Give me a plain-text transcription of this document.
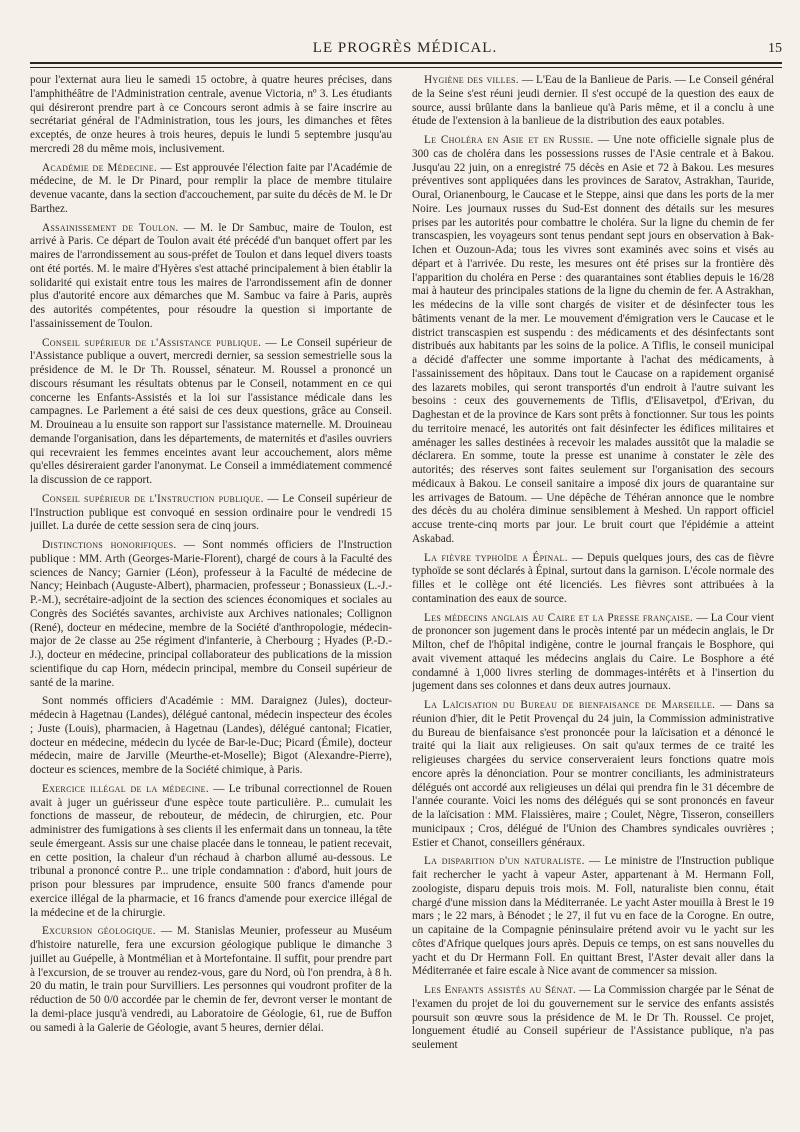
LE PROGRÈS MÉDICAL.	15

pour l'externat aura lieu le samedi 15 octobre, à quatre heures précises, dans l'amphithéâtre de l'Administration centrale, avenue Victoria, nº 3. Les étudiants qui désireront prendre part à ce Concours seront admis à se faire inscrire au secrétariat général de l'Administration, tous les jours, les dimanches et fêtes exceptés, de onze heures à trois heures, depuis le lundi 5 septembre jusqu'au mercredi 28 du même mois, inclusivement.

Académie de Médecine. — Est approuvée l'élection faite par l'Académie de médecine, de M. le Dr Pinard, pour remplir la place de membre titulaire devenue vacante, dans la section d'accouchement, par suite du décès de M. le Dr Barthez.

Assainissement de Toulon. — M. le Dr Sambuc, maire de Toulon, est arrivé à Paris. Ce départ de Toulon avait été précédé d'un banquet offert par les maires de l'arrondissement au sous-préfet de Toulon et dans lequel divers toasts ont été portés. M. le maire d'Hyères s'est attaché principalement à bien établir la solidarité qui existait entre tous les maires de l'arrondissement afin de donner plus d'autorité encore aux démarches que M. Sambuc va faire à Paris, auprès des autorités compétentes, pour résoudre la question si importante de l'assainissement de Toulon.

Conseil supérieur de l'Assistance publique. — Le Conseil supérieur de l'Assistance publique a ouvert, mercredi dernier, sa session semestrielle sous la présidence de M. le Dr Th. Roussel, sénateur. M. Roussel a prononcé un discours résumant les résultats obtenus par le Conseil, notamment en ce qui concerne les Enfants-Assistés et la loi sur l'assistance médicale dans les campagnes. Le Parlement a été saisi de ces deux questions, grâce au Conseil. M. Drouineau a lu ensuite son rapport sur l'assistance maternelle. M. Drouineau demande l'organisation, dans les départements, de maternités et d'asiles ouvriers qui recevraient les femmes enceintes avant leur accouchement, alors même qu'elles désireraient garder l'anonymat. Le Conseil a immédiatement commencé la discussion de ce rapport.

Conseil supérieur de l'Instruction publique. — Le Conseil supérieur de l'Instruction publique est convoqué en session ordinaire pour le vendredi 15 juillet. La durée de cette session sera de cinq jours.

Distinctions honorifiques. — Sont nommés officiers de l'Instruction publique : MM. Arth (Georges-Marie-Florent), chargé de cours à la Faculté des sciences de Nancy; Garnier (Léon), professeur à la Faculté de médecine de Nancy; Heinbach (Auguste-Albert), pharmacien, professeur ; Bonassieux (L.-J.-P.-M.), secrétaire-adjoint de la section des sciences économiques et sociales au Congrès des Sociétés savantes, archiviste aux Archives nationales; Collignon (René), docteur en médecine, membre de la Société d'anthropologie, médecin-major de 2e classe au 25e régiment d'infanterie, à Cherbourg ; Hyades (P.-D.-J.), docteur en médecine, principal collaborateur des publications de la mission scientifique du cap Horn, médecin principal, membre du Conseil supérieur de santé de la marine.

Sont nommés officiers d'Académie : MM. Daraignez (Jules), docteur-médecin à Hagetnau (Landes), délégué cantonal, médecin inspecteur des écoles ; Juste (Louis), pharmacien, à Hagetnau (Landes), délégué cantonal; Ficatier, docteur en médecine, médecin du lycée de Bar-le-Duc; Picard (Émile), docteur médecin, maire de Jarville (Meurthe-et-Moselle); Bigot (Alexandre-Pierre), docteur es sciences, membre de la Société chimique, à Paris.

Exercice illégal de la médecine. — Le tribunal correctionnel de Rouen avait à juger un guérisseur d'une espèce toute particulière. P... cumulait les fonctions de masseur, de rebouteur, de médecin, de chirurgien, etc. Pour administrer des fumigations à ses clients il les enfermait dans un tonneau, la tête seule émergeant. Assis sur une chaise placée dans le tonneau, le patient recevait, en cette position, la chaleur d'un réchaud à charbon allumé au-dessous. Le tribunal a prononcé contre P... une triple condamnation : d'abord, huit jours de prison pour blessures par imprudence, ensuite 500 francs d'amende pour exercice illégal de la pharmacie, et 16 francs d'amende pour exercice illégal de la médecine et de la chirurgie.

Excursion géologique. — M. Stanislas Meunier, professeur au Muséum d'histoire naturelle, fera une excursion géologique publique le dimanche 3 juillet au Guépelle, à Montmélian et à Mortefontaine. Il suffit, pour prendre part à l'excursion, de se trouver au rendez-vous, gare du Nord, où l'on prendra, à 8 h. 20 du matin, le train pour Survilliers. Les personnes qui voudront profiter de la réduction de 50 0/0 accordée par le chemin de fer, devront verser le montant de la demi-place jusqu'à vendredi, au Laboratoire de Géologie, 61, rue de Buffon ou samedi à la Galerie de Géologie, avant 5 heures, dernier délai.

Hygiène des villes. — L'Eau de la Banlieue de Paris. — Le Conseil général de la Seine s'est réuni jeudi dernier. Il s'est occupé de la question des eaux de source, aussi brûlante dans la banlieue qu'à Paris même, et il a conclu à une étude de l'extension à la banlieue de la distribution des eaux potables.

Le Choléra en Asie et en Russie. — Une note officielle signale plus de 300 cas de choléra dans les possessions russes de l'Asie centrale et à Bakou. Jusqu'au 22 juin, on a enregistré 75 décès en Asie et 72 à Bakou. Les mesures préventives sont appliquées dans les provinces de Saratov, Astrakhan, Tauride, Oural, Orianenbourg, le Caucase et le Steppe, ainsi que dans les ports de la mer Noire. Les journaux russes du Sud-Est donnent des détails sur les mesures prises par les autorités pour combattre le choléra. Sur la ligne du chemin de fer transcaspien, les voyageurs sont tenus pendant sept jours en observation à Bak-Ichen et Ouzoun-Ada; tous les vivres sont examinés avec soins et visés au départ et à l'arrivée. Du reste, les mesures ont été prises sur la frontière dès l'apparition du choléra en Perse : des quarantaines sont établies depuis le 16/28 mai à hauteur des principales stations de la ligne du chemin de fer. A Astrakhan, les médecins de la ville sont chargés de visiter et de désinfecter tous les bâtiments venant de la mer. Le mouvement d'émigration vers le Caucase et le district transcaspien est suspendu : des médicaments et des désinfectants sont distribués aux habitants par les soins de la police. A Tiflis, le conseil municipal a décidé d'affecter une somme importante à l'achat des médicaments, à l'assainissement des hôpitaux. Dans tout le Caucase on a rapidement organisé des lazarets mobiles, qui seront transportés d'un endroit à l'autre suivant les besoins : ceux des gouvernements de Tiflis, d'Elisavetpol, d'Erivan, du Daghestan et de la province de Kars sont prêts à fonctionner. Sur tous les points du territoire menacé, les autorités ont fait désinfecter les édifices militaires et aménager les salles destinées à recevoir les malades aussitôt que la maladie se déclarera. En somme, toute la presse est unanime à constater le zèle des autorités; des réserves sont faites seulement sur l'organisation des secours médicaux à Bakou. Le conseil sanitaire a imposé dix jours de quarantaine sur les arrivages de Batoum. — Une dépêche de Téhéran annonce que le nombre des décès du au choléra diminue sensiblement à Meshed. Un rapport officiel accuse trente-cinq morts par jour. Le bruit court que l'épidémie a atteint Askabad.

La fièvre typhoïde a Épinal. — Depuis quelques jours, des cas de fièvre typhoïde se sont déclarés à Épinal, surtout dans la garnison. L'école normale des filles et le collège ont été licenciés. Les fièvres sont attribuées à la contamination des eaux de source.

Les médecins anglais au Caire et la Presse française. — La Cour vient de prononcer son jugement dans le procès intenté par un médecin anglais, le Dr Milton, chef de l'hôpital indigène, contre le journal français le Bosphore, qui avait vivement attaqué les médecins anglais du Caire. Le Bosphore a été condamné à 1,000 livres sterling de dommages-intérêts et à l'insertion du jugement dans ses colonnes et dans deux autres journaux.

La Laïcisation du Bureau de bienfaisance de Marseille. — Dans sa réunion d'hier, dit le Petit Provençal du 24 juin, la Commission administrative du Bureau de bienfaisance s'est prononcée pour la laïcisation et a dénoncé le traité qui la liait aux religieuses. On sait qu'aux termes de ce traité les religieuses chargées du service conserveraient leurs fonctions quatre mois encore après la dénonciation. Pour se montrer conciliants, les administrateurs délégués ont accordé aux religieuses un délai qui prendra fin le 31 décembre de l'année courante. Voici les noms des délégués qui se sont prononcés en faveur de la laïcisation : MM. Flaissières, maire ; Coulet, Nègre, Tisseron, conseillers municipaux ; Cros, délégué de l'Union des Chambres syndicales ouvrières ; Estier et Chanot, conseillers généraux.

La disparition d'un naturaliste. — Le ministre de l'Instruction publique fait rechercher le yacht à vapeur Aster, appartenant à M. Hermann Foll, zoologiste, disparu depuis trois mois. M. Foll, naturaliste bien connu, était chargé d'une mission dans la Méditerranée. Le yacht Aster mouilla à Brest le 19 mars ; le 22 mars, à Bénodet ; le 27, il fut vu en face de la Corogne. En outre, un capitaine de la Compagnie péninsulaire prétend avoir vu le yacht sur les côtes d'Afrique quelques jours après. Depuis ce temps, on est sans nouvelles du yacht et du Dr Hermann Foll. En quittant Brest, l'Aster devait aller dans la Méditerranée et faire escale à Nice avant de commencer sa mission.

Les Enfants assistés au Sénat. — La Commission chargée par le Sénat de l'examen du projet de loi du gouvernement sur le service des enfants assistés poursuit son œuvre sous la présidence de M. le Dr Th. Roussel. Ce projet, longuement étudié au Conseil supérieur de l'Assistance publique, n'a pas seulement
